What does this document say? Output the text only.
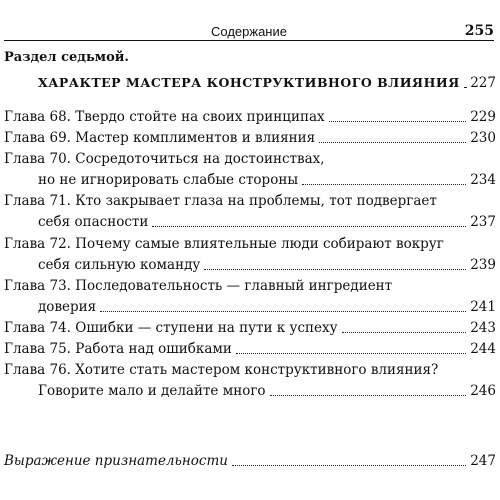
Содержание	255
Раздел седьмой.
ХАРАКТЕР МАСТЕРА КОНСТРУКТИВНОГО ВЛИЯНИЯ 227
Глава 68. Твердо стойте на своих принципах	229
Глава 69. Мастер комплиментов и влияния	230
Глава 70. Сосредоточиться на достоинствах,
но не игнорировать слабые стороны	234
Глава 71. Кто закрывает глаза на проблемы, тот подвергает
себя опасности	237
Глава 72. Почему самые влиятельные люди собирают вокруг
себя сильную команду	239
Глава 73. Последовательность — главный ингредиент
доверия	241
Глава 74. Ошибки — ступени на пути к успеху	243
Глава 75. Работа над ошибками	244
Глава 76. Хотите стать мастером конструктивного влияния?
Говорите мало и делайте много	246
Выражение признательности	247
